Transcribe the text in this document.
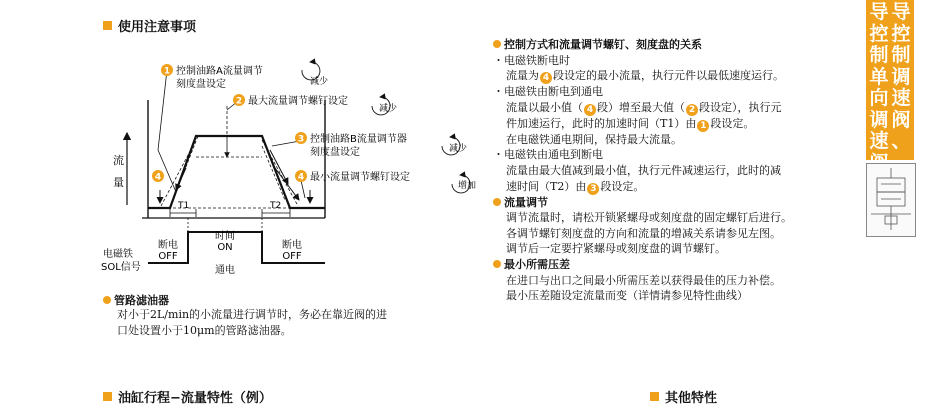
使用注意事项
流
量
T1	T2
电磁铁
SOL信号
断电
OFF
时间
ON
通电
断电
OFF
1 控制油路A流量调节
刻度盘设定
2 最大流量调节螺钉设定
3 控制油路B流量调节器
刻度盘设定
4 最小流量调节螺钉设定
4
减少
减少
减少
增加
管路滤油器
对小于2L/min的小流量进行调节时，务必在靠近阀的进
口处设置小于10μm的管路滤油器。
控制方式和流量调节螺钉、刻度盘的关系
・电磁铁断电时
流量为 4 段设定的最小流量，执行元件以最低速度运行。
・电磁铁由断电到通电
流量以最小值（ 4 段）增至最大值（ 2 段设定），执行元
件加速运行，此时的加速时间（T1）由 1 段设定。
在电磁铁通电期间，保持最大流量。
・电磁铁由通电到断电
流量由最大值减到最小值，执行元件减速运行，此时的减
速时间（T2）由 3 段设定。
流量调节
调节流量时，请松开锁紧螺母或刻度盘的固定螺钉后进行。
各调节螺钉刻度盘的方向和流量的增减关系请参见左图。
调节后一定要拧紧螺母或刻度盘的调节螺钉。
最小所需压差
在进口与出口之间最小所需压差以获得最佳的压力补偿。
最小压差随设定流量而变（详情请参见特性曲线）
导
控
制
单
向
调
速
导
控
制
调
速
阀
、
油缸行程−流量特性（例）	其他特性
